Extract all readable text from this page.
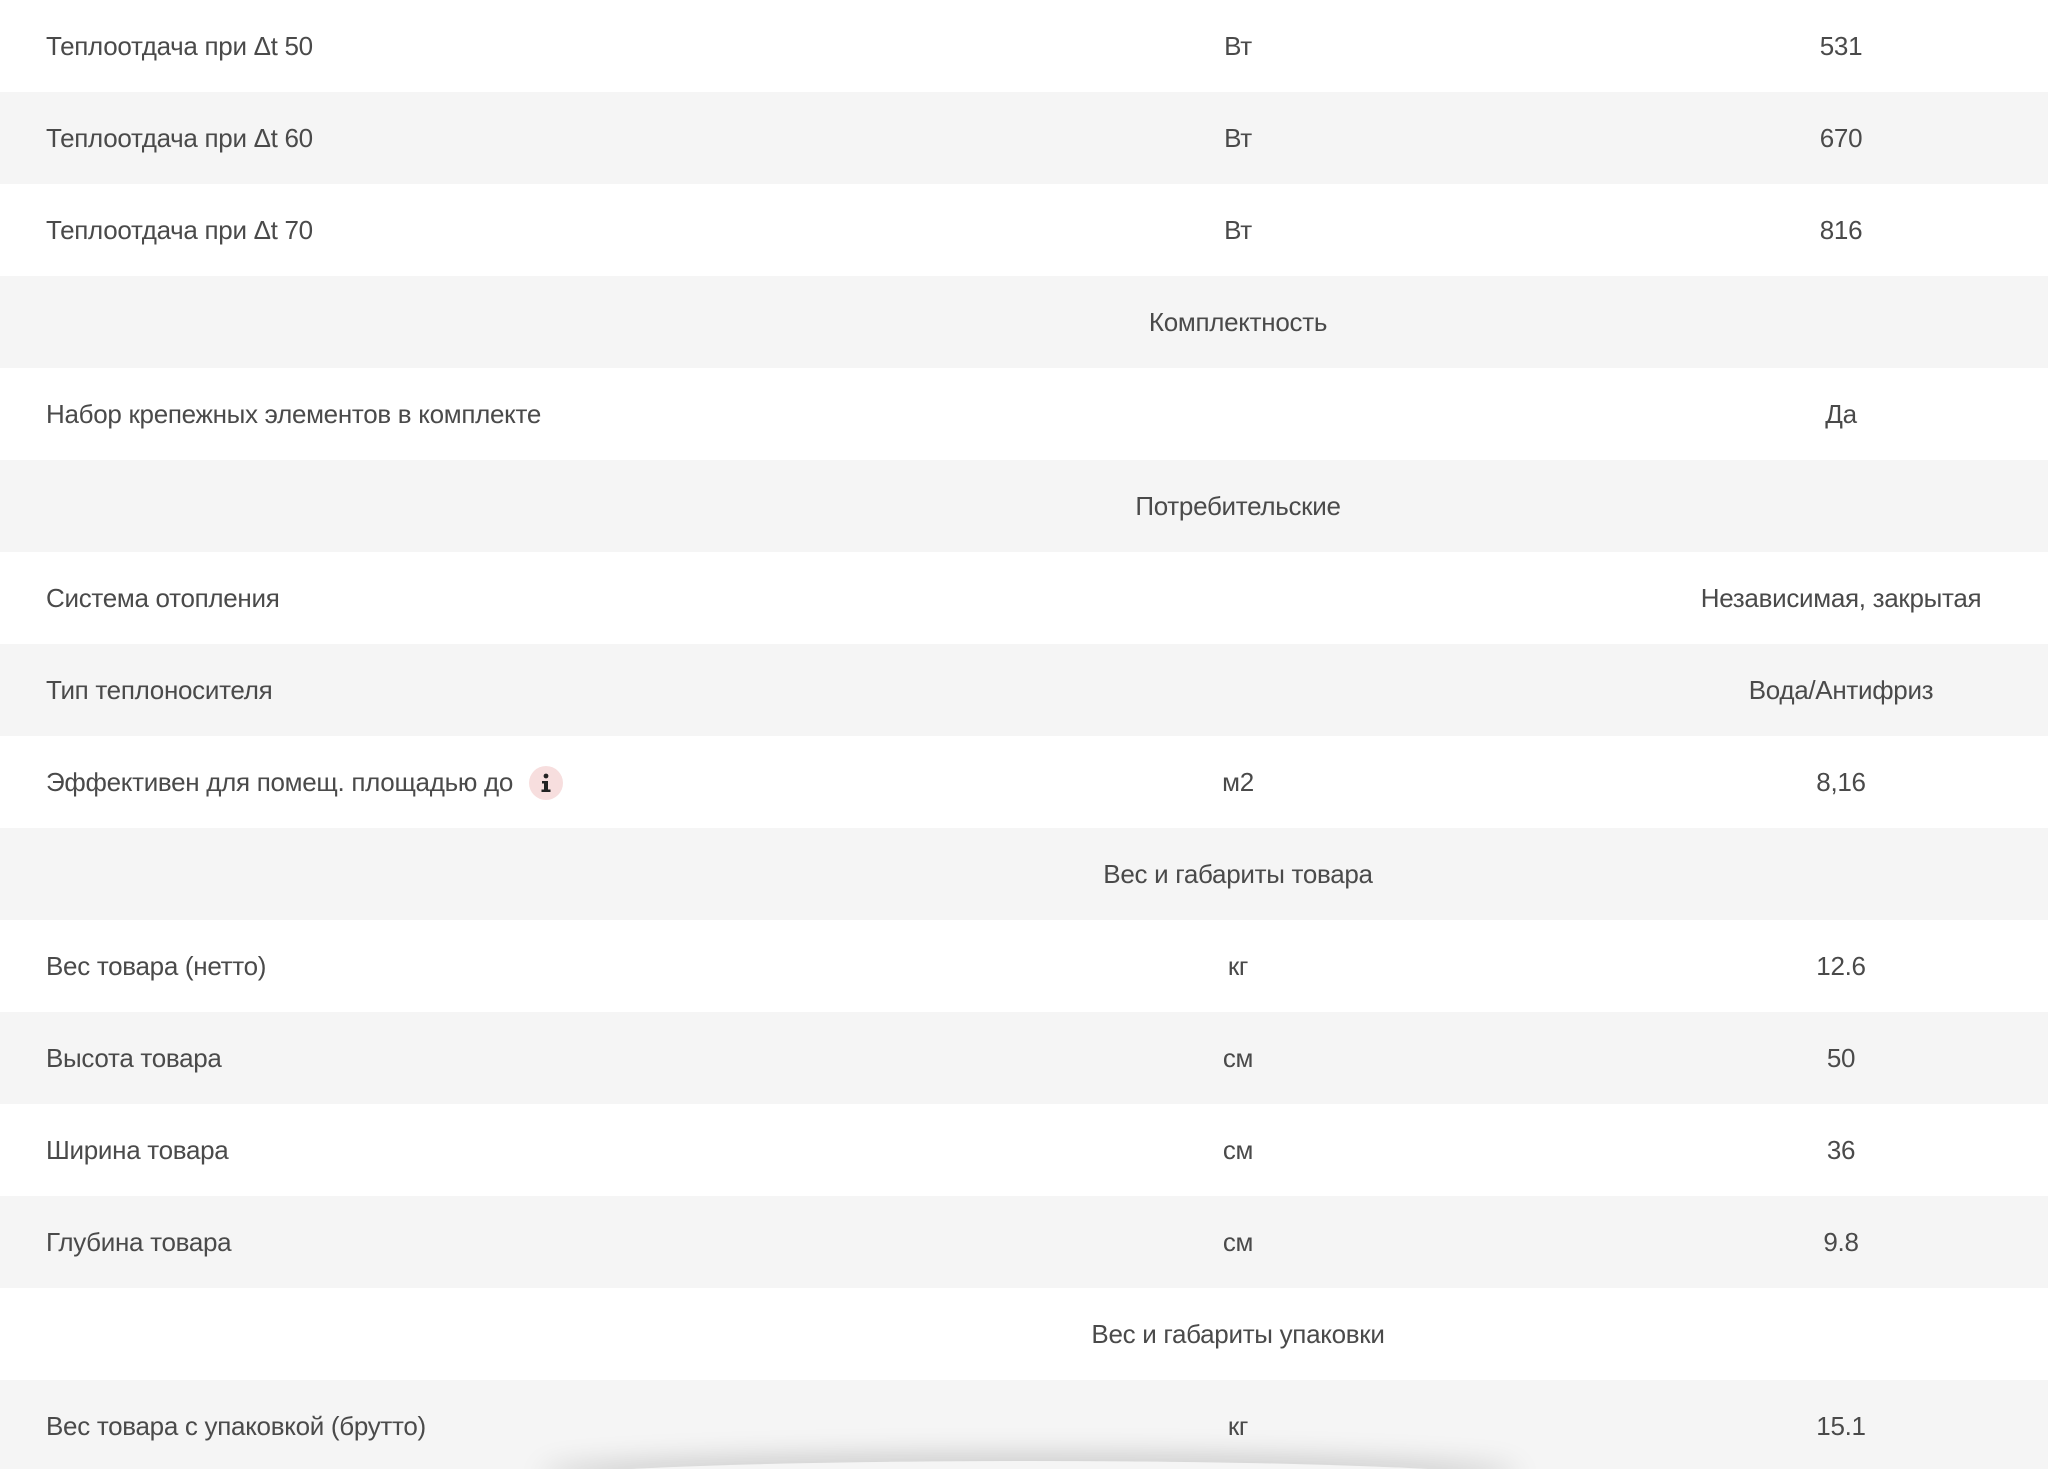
Теплоотдача при Δt 50	Вт	531
Теплоотдача при Δt 60	Вт	670
Теплоотдача при Δt 70	Вт	816
Комплектность
Набор крепежных элементов в комплекте	Да
Потребительские
Система отопления	Независимая, закрытая
Тип теплоносителя	Вода/Антифриз
Эффективен для помещ. площадью до	м2	8,16
Вес и габариты товара
Вес товара (нетто)	кг	12.6
Высота товара	см	50
Ширина товара	см	36
Глубина товара	см	9.8
Вес и габариты упаковки
Вес товара с упаковкой (брутто)	кг	15.1
